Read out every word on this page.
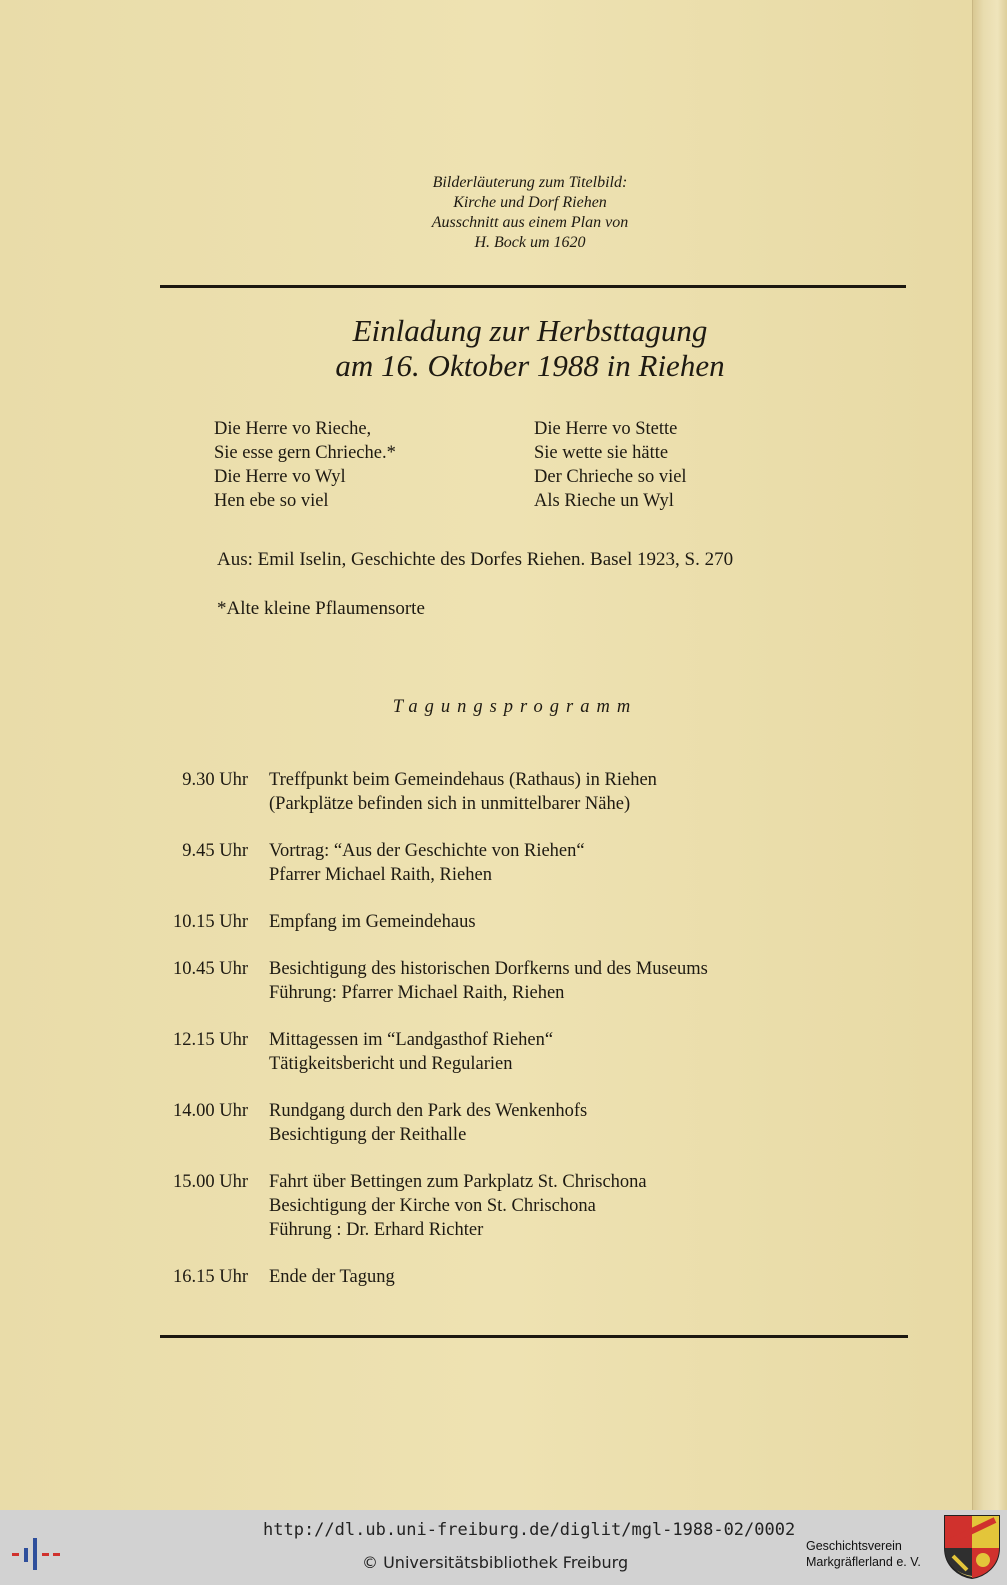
Bilderläuterung zum Titelbild:
Kirche und Dorf Riehen
Ausschnitt aus einem Plan von
H. Bock um 1620
Einladung zur Herbsttagung
am 16. Oktober 1988 in Riehen
Die Herre vo Rieche,
Sie esse gern Chrieche.*
Die Herre vo Wyl
Hen ebe so viel
Die Herre vo Stette
Sie wette sie hätte
Der Chrieche so viel
Als Rieche un Wyl
Aus: Emil Iselin, Geschichte des Dorfes Riehen. Basel 1923, S. 270
*Alte kleine Pflaumensorte
Tagungsprogramm
9.30 Uhr Treffpunkt beim Gemeindehaus (Rathaus) in Riehen
(Parkplätze befinden sich in unmittelbarer Nähe)
9.45 Uhr Vortrag: “Aus der Geschichte von Riehen“
Pfarrer Michael Raith, Riehen
10.15 Uhr Empfang im Gemeindehaus
10.45 Uhr Besichtigung des historischen Dorfkerns und des Museums
Führung: Pfarrer Michael Raith, Riehen
12.15 Uhr Mittagessen im “Landgasthof Riehen“
Tätigkeitsbericht und Regularien
14.00 Uhr Rundgang durch den Park des Wenkenhofs
Besichtigung der Reithalle
15.00 Uhr Fahrt über Bettingen zum Parkplatz St. Chrischona
Besichtigung der Kirche von St. Chrischona
Führung : Dr. Erhard Richter
16.15 Uhr Ende der Tagung
http://dl.ub.uni-freiburg.de/diglit/mgl-1988-02/0002
© Universitätsbibliothek Freiburg
Geschichtsverein
Markgräflerland e. V.
